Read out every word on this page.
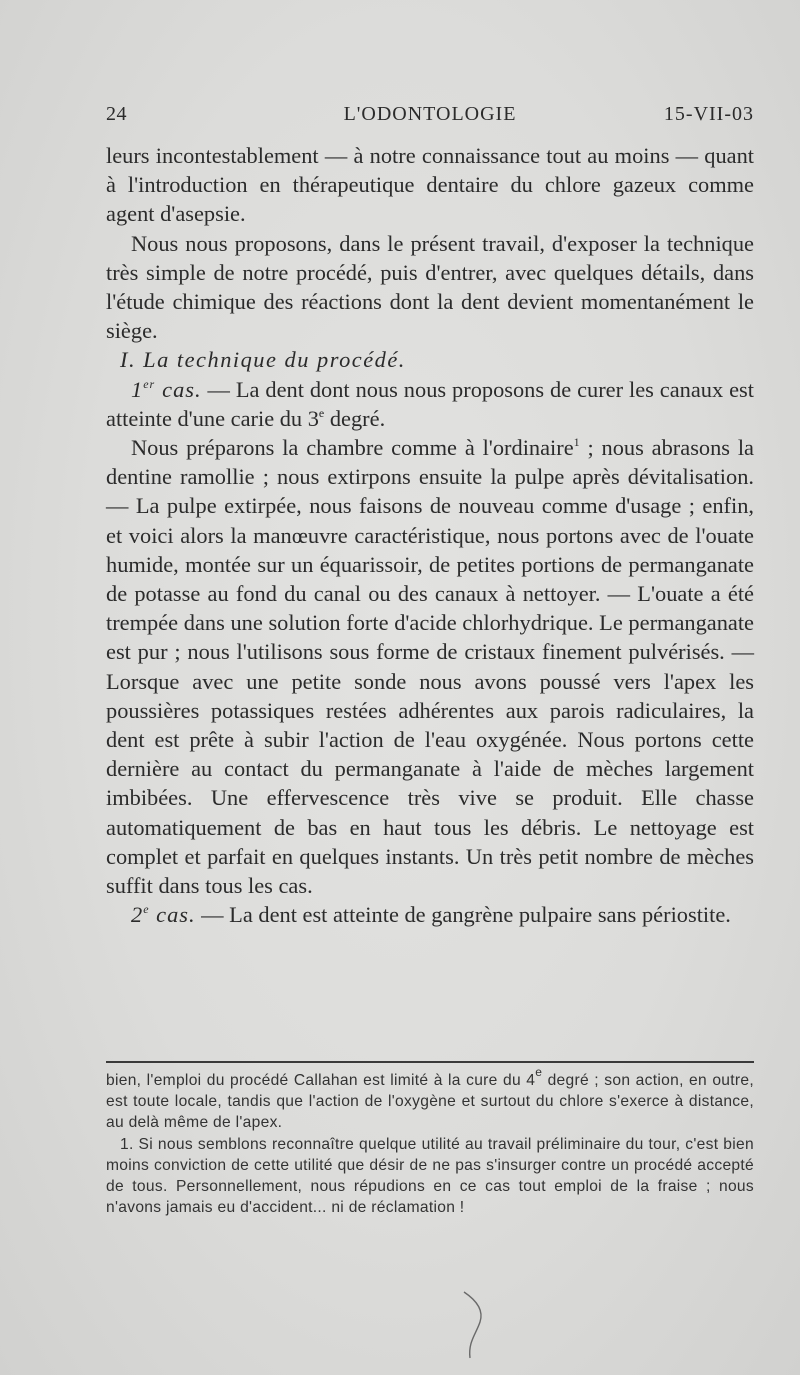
24	L'ODONTOLOGIE	15-VII-03

leurs incontestablement — à notre connaissance tout au moins — quant à l'introduction en thérapeutique dentaire du chlore gazeux comme agent d'asepsie.

Nous nous proposons, dans le présent travail, d'exposer la technique très simple de notre procédé, puis d'entrer, avec quelques détails, dans l'étude chimique des réactions dont la dent devient momentanément le siège.

I. La technique du procédé.

1er cas. — La dent dont nous nous proposons de curer les canaux est atteinte d'une carie du 3e degré.

Nous préparons la chambre comme à l'ordinaire$^1$ ; nous abrasons la dentine ramollie ; nous extirpons ensuite la pulpe après dévitalisation. — La pulpe extirpée, nous faisons de nouveau comme d'usage ; enfin, et voici alors la manœuvre caractéristique, nous portons avec de l'ouate humide, montée sur un équarissoir, de petites portions de permanganate de potasse au fond du canal ou des canaux à nettoyer. — L'ouate a été trempée dans une solution forte d'acide chlorhydrique. Le permanganate est pur ; nous l'utilisons sous forme de cristaux finement pulvérisés. — Lorsque avec une petite sonde nous avons poussé vers l'apex les poussières potassiques restées adhérentes aux parois radiculaires, la dent est prête à subir l'action de l'eau oxygénée. Nous portons cette dernière au contact du permanganate à l'aide de mèches largement imbibées. Une effervescence très vive se produit. Elle chasse automatiquement de bas en haut tous les débris. Le nettoyage est complet et parfait en quelques instants. Un très petit nombre de mèches suffit dans tous les cas.

2e cas. — La dent est atteinte de gangrène pulpaire sans périostite.

bien, l'emploi du procédé Callahan est limité à la cure du 4e degré ; son action, en outre, est toute locale, tandis que l'action de l'oxygène et surtout du chlore s'exerce à distance, au delà même de l'apex.

1. Si nous semblons reconnaître quelque utilité au travail préliminaire du tour, c'est bien moins conviction de cette utilité que désir de ne pas s'insurger contre un procédé accepté de tous. Personnellement, nous répudions en ce cas tout emploi de la fraise ; nous n'avons jamais eu d'accident... ni de réclamation !
